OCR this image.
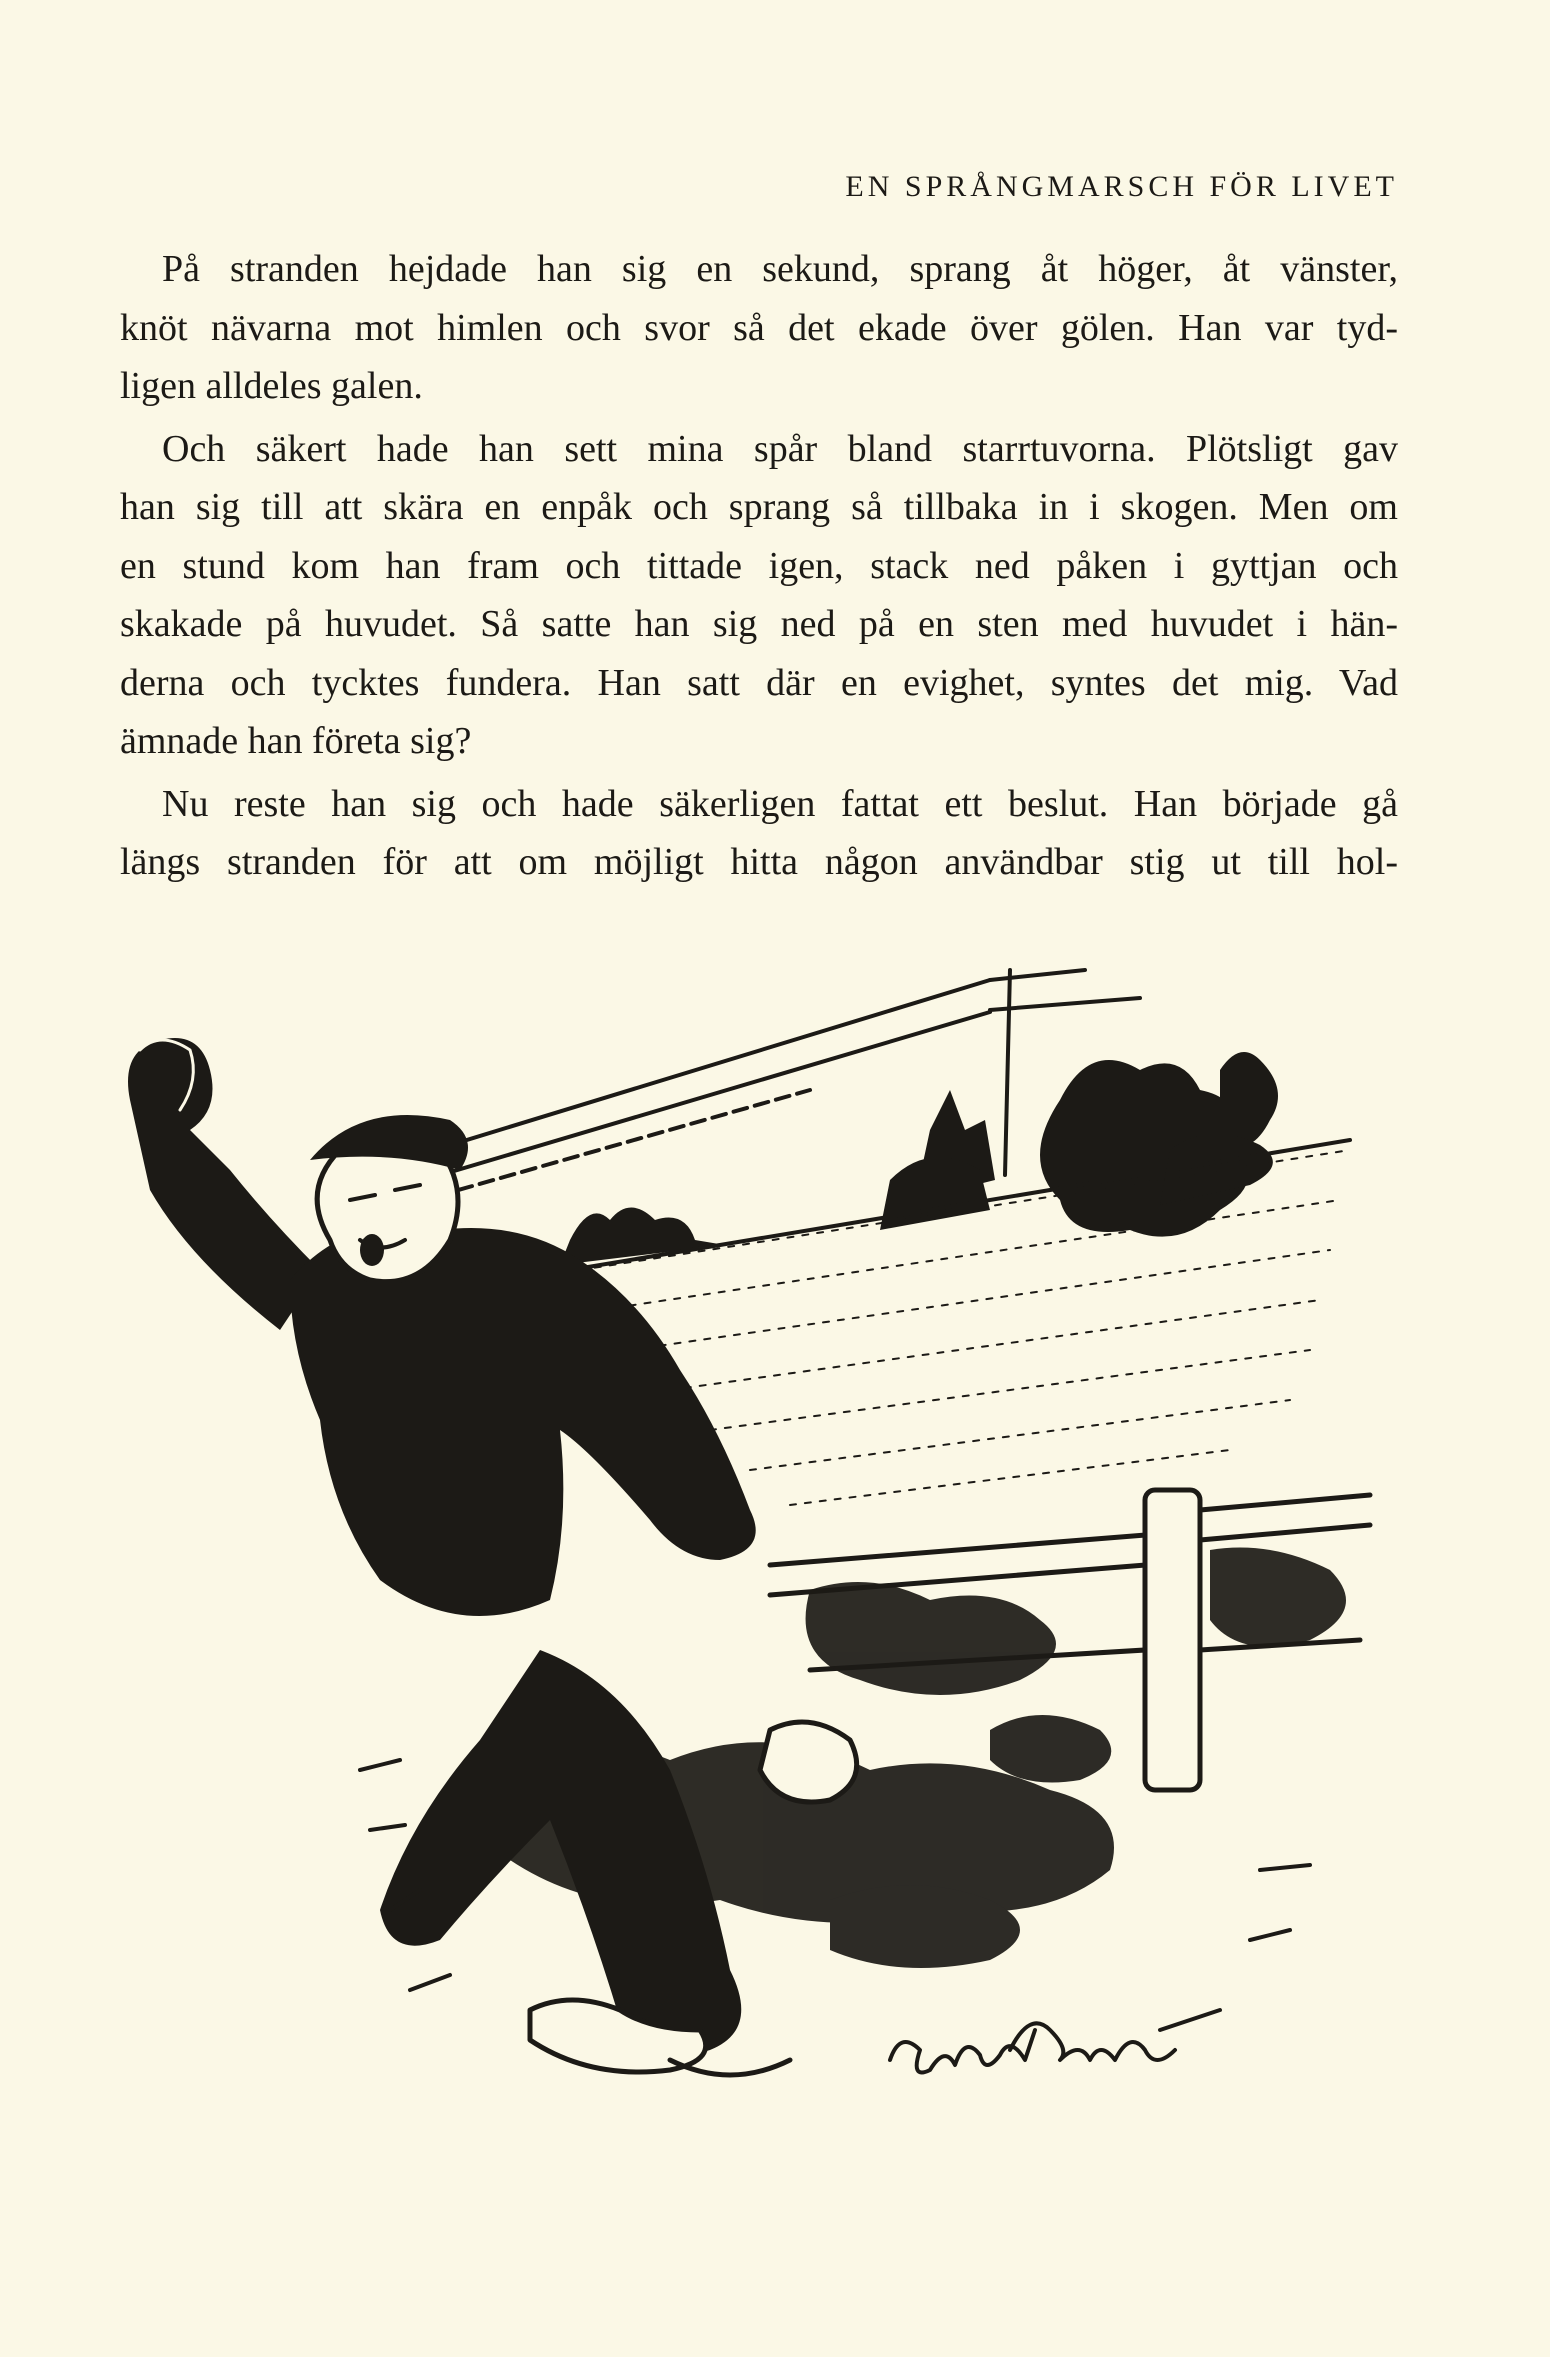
EN SPRÅNGMARSCH FÖR LIVET

På stranden hejdade han sig en sekund, sprang åt höger, åt vänster,
knöt nävarna mot himlen och svor så det ekade över gölen. Han var tyd-
ligen alldeles galen.

Och säkert hade han sett mina spår bland starrtuvorna. Plötsligt gav
han sig till att skära en enpåk och sprang så tillbaka in i skogen. Men om
en stund kom han fram och tittade igen, stack ned påken i gyttjan och
skakade på huvudet. Så satte han sig ned på en sten med huvudet i hän-
derna och tycktes fundera. Han satt där en evighet, syntes det mig. Vad
ämnade han företa sig?

Nu reste han sig och hade säkerligen fattat ett beslut. Han började gå
längs stranden för att om möjligt hitta någon användbar stig ut till hol-
